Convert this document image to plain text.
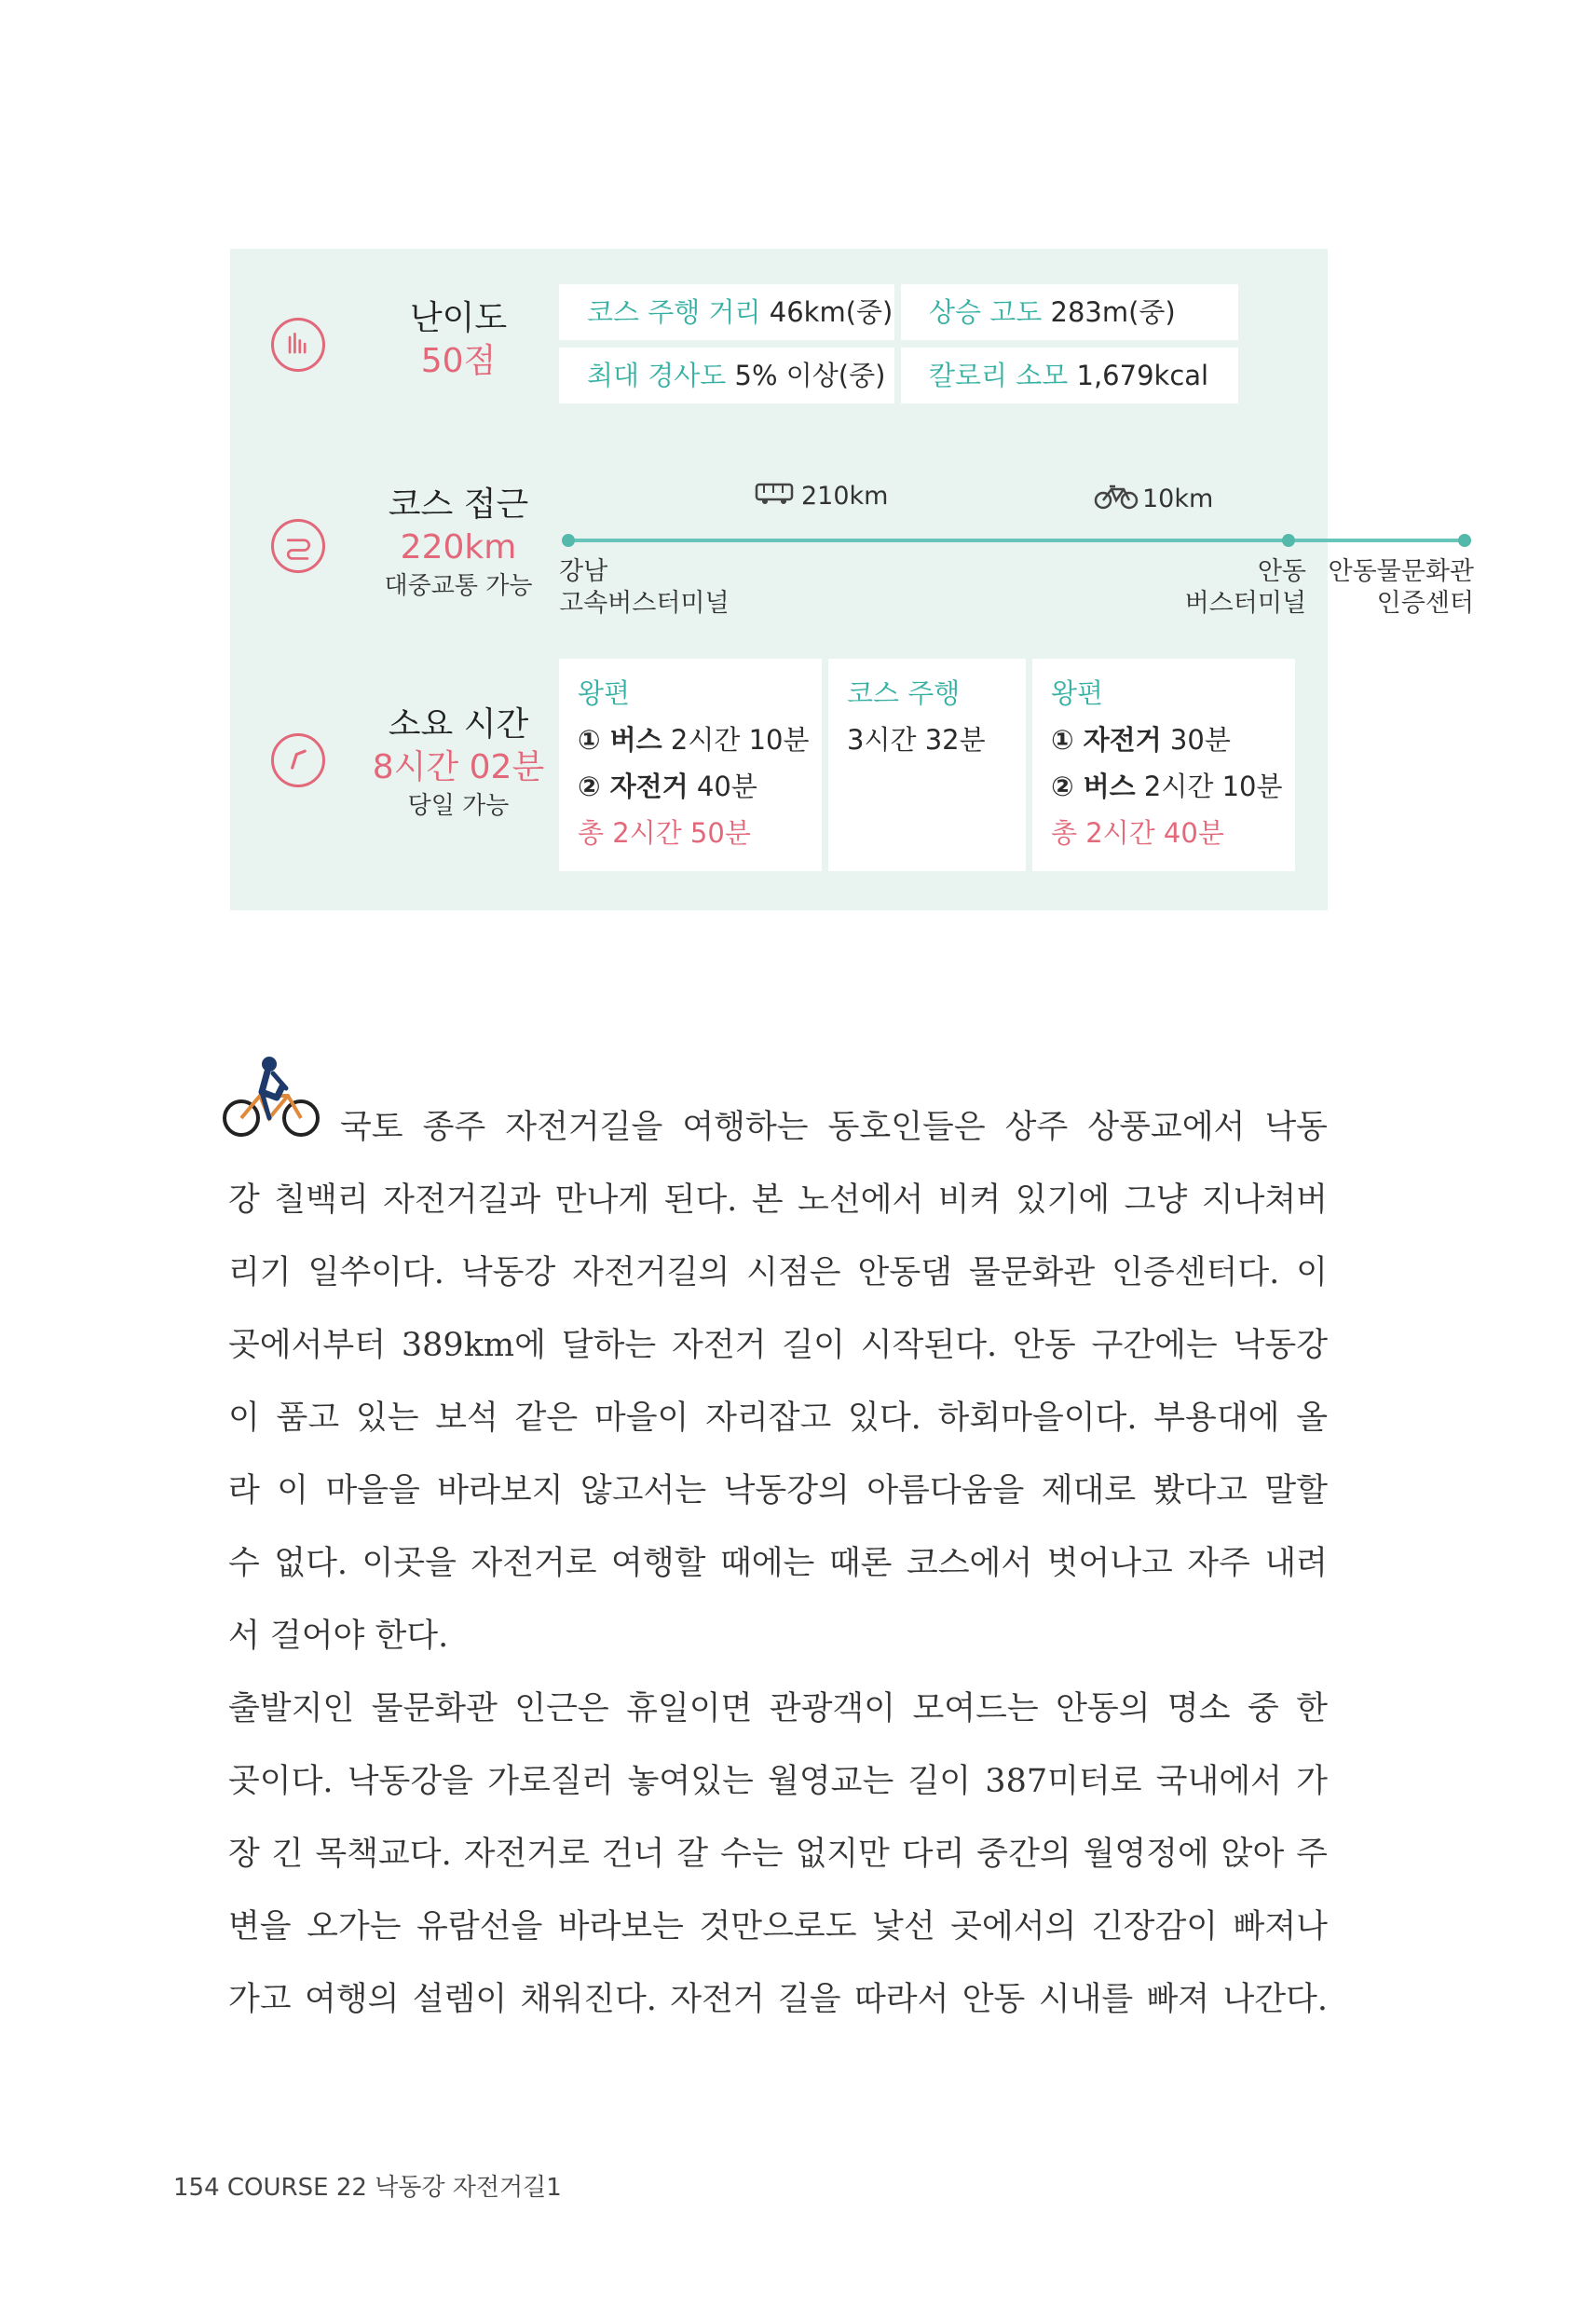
난이도
50점
코스 주행 거리 46km(중)	상승 고도 283m(중)
최대 경사도 5% 이상(중)	칼로리 소모 1,679kcal
코스 접근
220km
대중교통 가능
210km	10km
강남
고속버스터미널
안동
버스터미널
안동물문화관
인증센터
소요 시간
8시간 02분
당일 가능
왕편
① 버스 2시간 10분
② 자전거 40분
총 2시간 50분
코스 주행
3시간 32분
왕편
① 자전거 30분
② 버스 2시간 10분
총 2시간 40분
국토 종주 자전거길을 여행하는 동호인들은 상주 상풍교에서 낙동
강 칠백리 자전거길과 만나게 된다. 본 노선에서 비켜 있기에 그냥 지나쳐버
리기 일쑤이다. 낙동강 자전거길의 시점은 안동댐 물문화관 인증센터다. 이
곳에서부터 389km에 달하는 자전거 길이 시작된다. 안동 구간에는 낙동강
이 품고 있는 보석 같은 마을이 자리잡고 있다. 하회마을이다. 부용대에 올
라 이 마을을 바라보지 않고서는 낙동강의 아름다움을 제대로 봤다고 말할
수 없다. 이곳을 자전거로 여행할 때에는 때론 코스에서 벗어나고 자주 내려
서 걸어야 한다.
출발지인 물문화관 인근은 휴일이면 관광객이 모여드는 안동의 명소 중 한
곳이다. 낙동강을 가로질러 놓여있는 월영교는 길이 387미터로 국내에서 가
장 긴 목책교다. 자전거로 건너 갈 수는 없지만 다리 중간의 월영정에 앉아 주
변을 오가는 유람선을 바라보는 것만으로도 낯선 곳에서의 긴장감이 빠져나
가고 여행의 설렘이 채워진다. 자전거 길을 따라서 안동 시내를 빠져 나간다.
154 COURSE 22 낙동강 자전거길1
